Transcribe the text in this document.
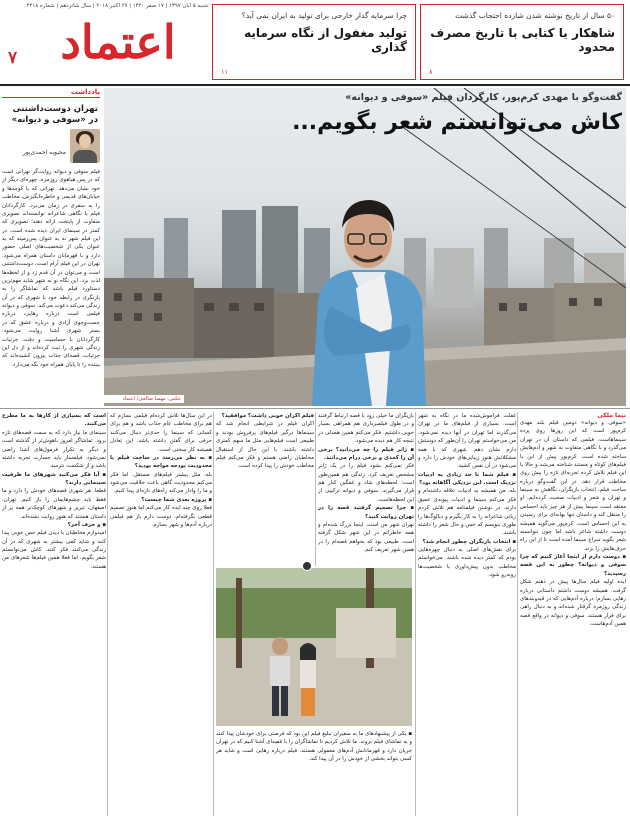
۵۰ سال از تاریخ نوشته شدن شازده احتجاب گذشت
شاهکار یا کتابی با تاریخ مصرف محدود
۸
چرا سرمایه گذار خارجی برای تولید به ایران نمی آید؟
تولید مغفول از نگاه سرمایه گذاری
۱۱
شنبه ۵ آبان ۱۳۹۷ | ۱۷ صفر ۱۴۴۰ | ۲۷ اکتبر ۲۰۱۸ | سال شانزدهم | شماره ۴۲۱۸
اعتماد
۷
یادداشت
تهران دوست‌داشتنی در «سوفی و دیوانه»
محبوبه احمدی‌پور
فیلم سوفی و دیوانه روایت‌گر تهرانی است که در پس هیاهوی روزمره، چهره‌ای دیگر از خود نشان می‌دهد. تهرانی که با کوچه‌ها و خیابان‌های قدیمی و خاطره‌انگیزش، مخاطب را به سفری در زمان می‌برد. کارگردانان فیلم با نگاهی شاعرانه توانسته‌اند تصویری متفاوت از پایتخت ارائه دهند؛ تصویری که کمتر در سینمای ایران دیده شده است. در این فیلم شهر نه به عنوان پس‌زمینه که به عنوان یکی از شخصیت‌های اصلی حضور دارد و با قهرمانان داستان همراه می‌شود. تهران در این فیلم آرام است، دوست‌داشتنی است و می‌توان در آن قدم زد و از لحظه‌ها لذت برد. این نگاه نو به شهر شاید مهم‌ترین دستاورد فیلم باشد که تماشاگر را به بازنگری در رابطه خود با شهری که در آن زندگی می‌کند دعوت می‌کند. سوفی و دیوانه فیلمی است درباره رهایی، درباره جست‌وجوی آزادی و درباره عشق که در بستر شهری آشنا روایت می‌شود. کارگردانان با حساسیت و دقت، جزئیات زندگی شهری را ثبت کرده‌اند و از دل این جزئیات، قصه‌ای جذاب بیرون کشیده‌اند که بیننده را تا پایان همراه خود نگه می‌دارد.
گفت‌وگو با مهدی کرم‌پور، کارگردان فیلم «سوفی و دیوانه»
کاش می‌توانستم شعر بگویم...
عکس: مهسا صالحی/ اعتماد
نیما ملکی
«سوفی و دیوانه» دومین فیلم بلند مهدی کرم‌پور است که این روزها روی پرده سینماهاست. فیلمی که داستان آن در تهران می‌گذرد و با نگاهی متفاوت به شهر و آدم‌هایش ساخته شده است. کرم‌پور پیش از این با فیلم‌های کوتاه و مستند شناخته می‌شد و حالا با این فیلم تلاش کرده تجربه‌ای تازه را پیش روی مخاطب قرار دهد. در این گفت‌وگو درباره ساخت فیلم، انتخاب بازیگران، نگاهش به سینما و تهران و شعر و ادبیات صحبت کرده‌ایم. او معتقد است سینما بیش از هر چیز باید احساس را منتقل کند و داستان تنها بهانه‌ای برای رسیدن به این احساس است. کرم‌پور می‌گوید همیشه دوست داشته شاعر باشد اما چون نتوانسته شعر بگوید سراغ سینما آمده است تا از این راه حرف‌هایش را بزند.
▪ دوست دارم از اینجا آغاز کنیم که چرا سوفی و دیوانه؟ چطور به این قصه رسیدید؟
ایده اولیه فیلم سال‌ها پیش در ذهنم شکل گرفت. همیشه دوست داشتم داستانی درباره رهایی بسازم؛ درباره آدم‌هایی که در قیدوبندهای زندگی روزمره گرفتار شده‌اند و به دنبال راهی برای فرار هستند. سوفی و دیوانه در واقع قصه همین آدم‌هاست.
غفلت فراموش‌شده ما در نگاه به شهر است. بسیاری از فیلم‌های ما در تهران می‌گذرند اما تهران در آنها دیده نمی‌شود. من می‌خواستم تهران را آن‌طور که دوستش دارم نشان دهم. شهری که با همه مشکلاتش هنوز زیبایی‌های خودش را دارد و می‌شود در آن نفس کشید.
▪ فیلم شما تا حد زیادی به ادبیات نزدیک است. این نزدیکی آگاهانه بود؟
بله، من همیشه به ادبیات علاقه داشته‌ام و فکر می‌کنم سینما و ادبیات پیوندی عمیق دارند. در نوشتن فیلمنامه هم تلاش کردم زبانی شاعرانه را به کار بگیرم و دیالوگ‌ها را طوری بنویسم که حس و حال شعر را داشته باشند.
▪ انتخاب بازیگران چطور انجام شد؟
برای نقش‌های اصلی به دنبال چهره‌هایی بودم که کمتر دیده شده باشند. می‌خواستم مخاطب بدون پیش‌داوری با شخصیت‌ها روبه‌رو شود.
بازیگران ما خیلی زود با قصه ارتباط گرفتند و در طول فیلمبرداری هم همراهی بسیار خوبی داشتیم. فکر می‌کنم همین همدلی در نتیجه کار هم دیده می‌شود.
▪ ژانر فیلم را چه می‌دانید؟ برخی آن را کمدی و برخی درام می‌دانند.
فکر نمی‌کنم بشود فیلم را در یک ژانر مشخص تعریف کرد. زندگی هم همین‌طور است؛ لحظه‌های شاد و غمگین کنار هم قرار می‌گیرند. سوفی و دیوانه ترکیبی از این لحظه‌هاست.
▪ چرا تصمیم گرفتید قصه را در تهران روایت کنید؟
تهران شهر من است. اینجا بزرگ شده‌ام و همه خاطراتم در این شهر شکل گرفته است. طبیعی بود که بخواهم قصه‌ام را در همین شهر تعریف کنم.
فیلم اکران خوبی داشت؟ موافقید؟
اکران فیلم در شرایطی انجام شد که سینماها درگیر فیلم‌های پرفروش بودند و طبیعی است فیلم‌هایی مثل ما سهم کمتری داشته باشند. با این حال از استقبال مخاطبان راضی هستم و فکر می‌کنم فیلم مخاطب خودش را پیدا کرده است.
▪ یکی از پیشنهادهای ما به سفیران تبلیغ فیلم این بود که فرصتی برای خودشان پیدا کنند و به تماشای فیلم بروند. ما تلاش کردیم تا تماشاگران را با قصه‌ای آشنا کنیم که در تهران جریان دارد و قهرمانانش آدم‌های معمولی هستند. فیلم درباره رهایی است و شاید هر کسی بتواند بخشی از خودش را در آن پیدا کند.
در این سال‌ها تلاش کرده‌ام فیلمی بسازم که هم برای مخاطب عام جذاب باشد و هم برای کسانی که سینما را جدی‌تر دنبال می‌کنند حرفی برای گفتن داشته باشد. این تعادل همیشه کار سختی است.
▪ به نظر می‌رسد در ساخت فیلم با محدودیت بودجه مواجه بودید؟
بله، مثل بیشتر فیلم‌های مستقل. اما فکر می‌کنم محدودیت گاهی باعث خلاقیت می‌شود و ما را وادار می‌کند راه‌های تازه‌ای پیدا کنیم.
▪ پروژه بعدی شما چیست؟
فعلا روی چند ایده کار می‌کنم اما هنوز تصمیم قطعی نگرفته‌ام. دوست دارم باز هم فیلمی درباره آدم‌ها و شهر بسازم.
است که بسیاری از کارها به ما مطرح می‌کنند.
سینمای ما نیاز دارد که به سمت قصه‌های تازه برود. تماشاگر امروز باهوش‌تر از گذشته است و دیگر به تکرار فرمول‌های آشنا راضی نمی‌شود. فیلمساز باید جسارت تجربه داشته باشد و از شکست نترسد.
▪ آیا فکر می‌کنید شهرهای ما ظرفیت سینمایی دارند؟
قطعا. هر شهری قصه‌های خودش را دارد و ما فقط باید چشم‌هایمان را باز کنیم. تهران، اصفهان، تبریز و شهرهای کوچک‌تر همه پر از داستان هستند که هنوز روایت نشده‌اند.
▪ و حرف آخر؟
امیدوارم مخاطبان با دیدن فیلم حس خوبی پیدا کنند و شاید کمی بیشتر به شهری که در آن زندگی می‌کنند فکر کنند. کاش می‌توانستم شعر بگویم، اما فعلا همین فیلم‌ها شعرهای من هستند.
